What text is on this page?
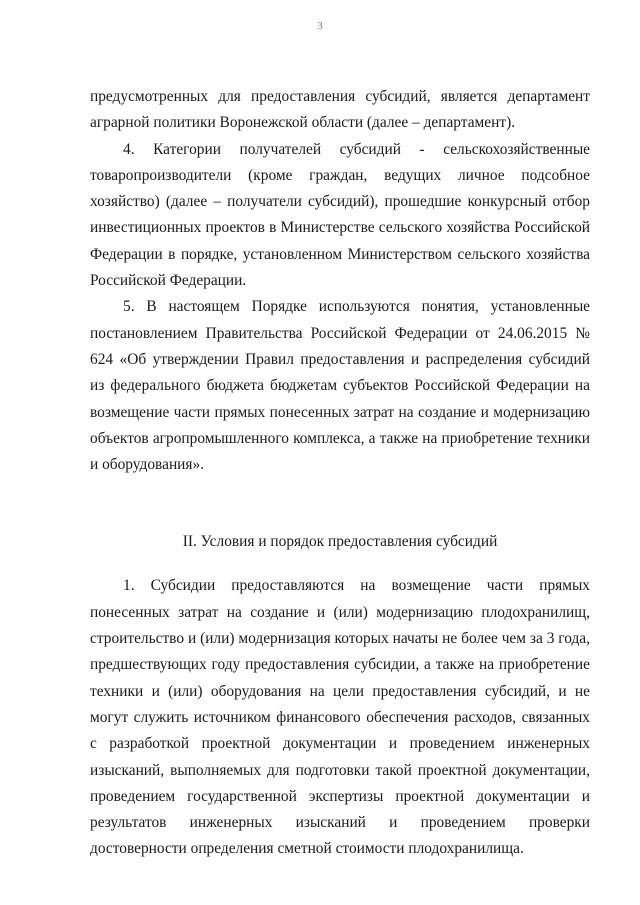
3

предусмотренных для предоставления субсидий, является департамент аграрной политики Воронежской области (далее – департамент).

4. Категории получателей субсидий - сельскохозяйственные товаропроизводители (кроме граждан, ведущих личное подсобное хозяйство) (далее – получатели субсидий), прошедшие конкурсный отбор инвестиционных проектов в Министерстве сельского хозяйства Российской Федерации в порядке, установленном Министерством сельского хозяйства Российской Федерации.

5. В настоящем Порядке используются понятия, установленные постановлением Правительства Российской Федерации от 24.06.2015 № 624 «Об утверждении Правил предоставления и распределения субсидий из федерального бюджета бюджетам субъектов Российской Федерации на возмещение части прямых понесенных затрат на создание и модернизацию объектов агропромышленного комплекса, а также на приобретение техники и оборудования».

II. Условия и порядок предоставления субсидий

1. Субсидии предоставляются на возмещение части прямых понесенных затрат на создание и (или) модернизацию плодохранилищ, строительство и (или) модернизация которых начаты не более чем за 3 года, предшествующих году предоставления субсидии, а также на приобретение техники и (или) оборудования на цели предоставления субсидий, и не могут служить источником финансового обеспечения расходов, связанных с разработкой проектной документации и проведением инженерных изысканий, выполняемых для подготовки такой проектной документации, проведением государственной экспертизы проектной документации и результатов инженерных изысканий и проведением проверки достоверности определения сметной стоимости плодохранилища.
